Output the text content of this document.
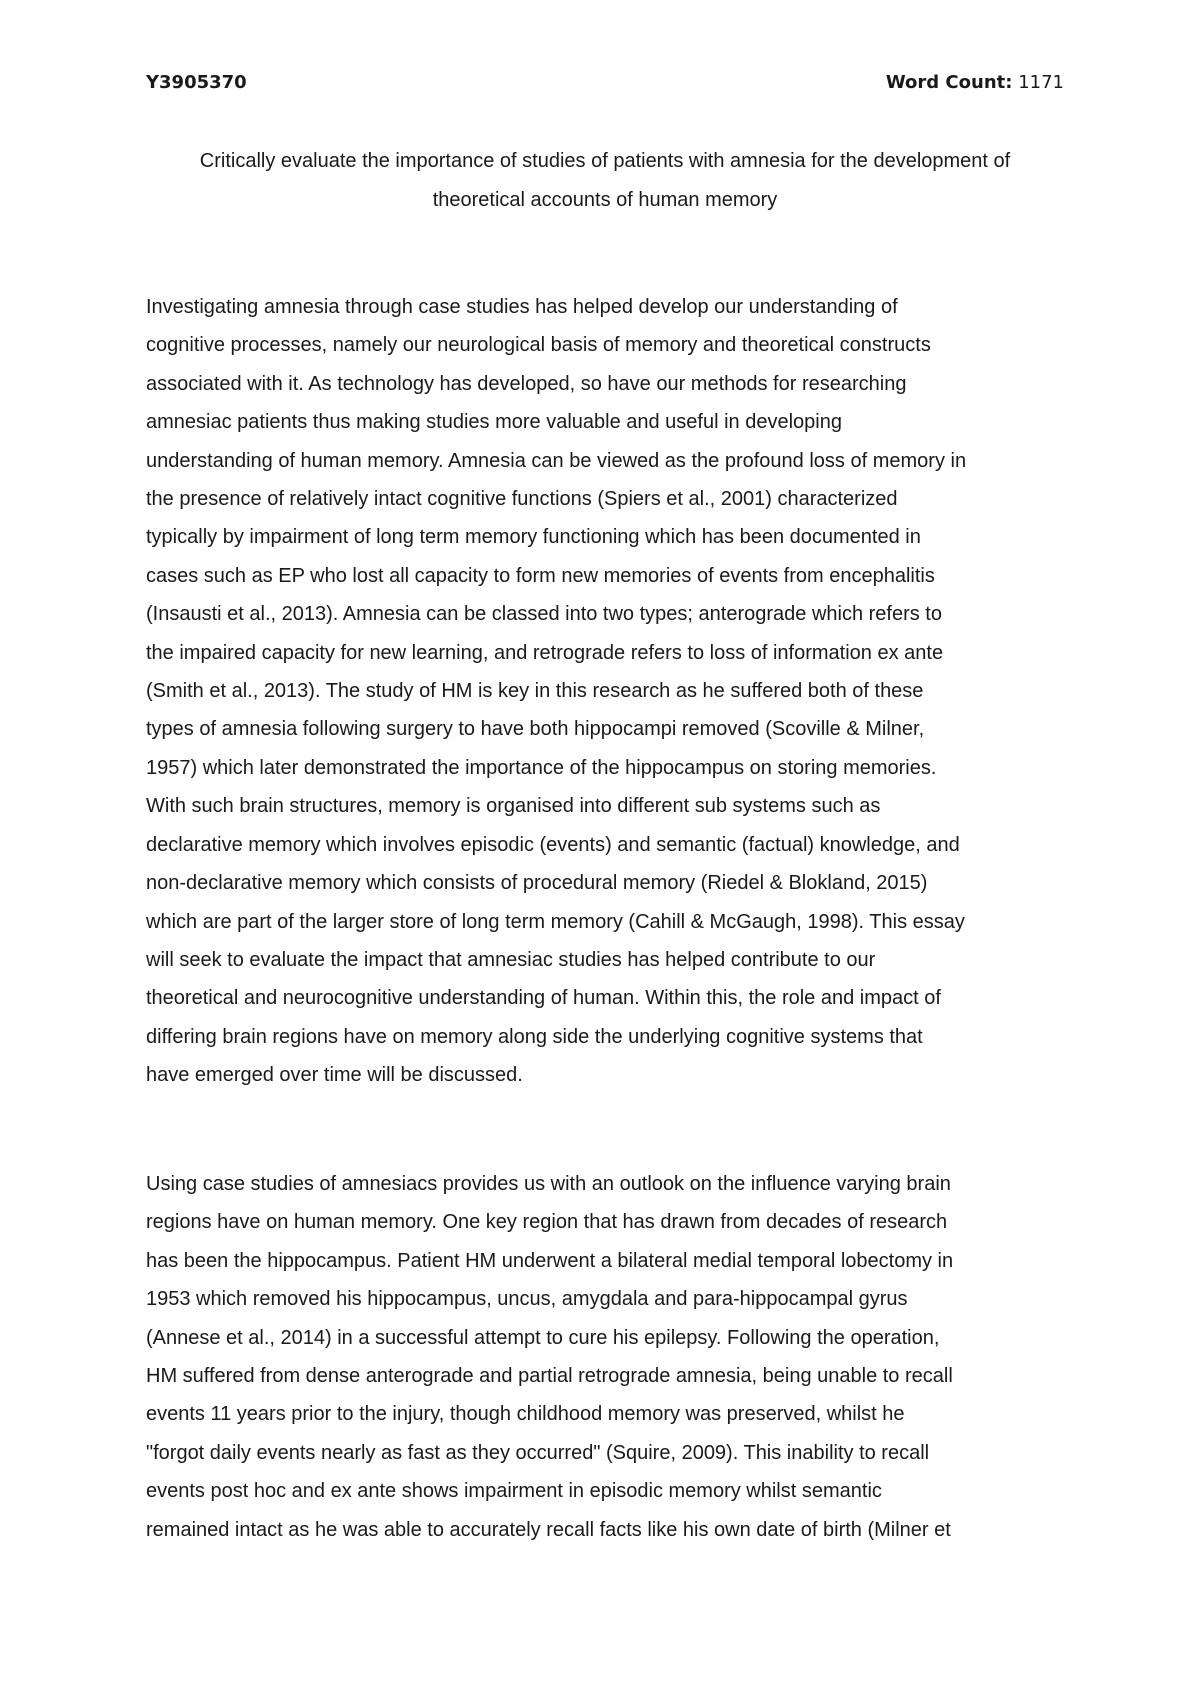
Y3905370	Word Count: 1171
Critically evaluate the importance of studies of patients with amnesia for the development of
theoretical accounts of human memory

Investigating amnesia through case studies has helped develop our understanding of
cognitive processes, namely our neurological basis of memory and theoretical constructs
associated with it. As technology has developed, so have our methods for researching
amnesiac patients thus making studies more valuable and useful in developing
understanding of human memory. Amnesia can be viewed as the profound loss of memory in
the presence of relatively intact cognitive functions (Spiers et al., 2001) characterized
typically by impairment of long term memory functioning which has been documented in
cases such as EP who lost all capacity to form new memories of events from encephalitis
(Insausti et al., 2013). Amnesia can be classed into two types; anterograde which refers to
the impaired capacity for new learning, and retrograde refers to loss of information ex ante
(Smith et al., 2013). The study of HM is key in this research as he suffered both of these
types of amnesia following surgery to have both hippocampi removed (Scoville & Milner,
1957) which later demonstrated the importance of the hippocampus on storing memories.
With such brain structures, memory is organised into different sub systems such as
declarative memory which involves episodic (events) and semantic (factual) knowledge, and
non-declarative memory which consists of procedural memory (Riedel & Blokland, 2015)
which are part of the larger store of long term memory (Cahill & McGaugh, 1998). This essay
will seek to evaluate the impact that amnesiac studies has helped contribute to our
theoretical and neurocognitive understanding of human. Within this, the role and impact of
differing brain regions have on memory along side the underlying cognitive systems that
have emerged over time will be discussed.

Using case studies of amnesiacs provides us with an outlook on the influence varying brain
regions have on human memory. One key region that has drawn from decades of research
has been the hippocampus. Patient HM underwent a bilateral medial temporal lobectomy in
1953 which removed his hippocampus, uncus, amygdala and para-hippocampal gyrus
(Annese et al., 2014) in a successful attempt to cure his epilepsy. Following the operation,
HM suffered from dense anterograde and partial retrograde amnesia, being unable to recall
events 11 years prior to the injury, though childhood memory was preserved, whilst he
"forgot daily events nearly as fast as they occurred" (Squire, 2009). This inability to recall
events post hoc and ex ante shows impairment in episodic memory whilst semantic
remained intact as he was able to accurately recall facts like his own date of birth (Milner et
